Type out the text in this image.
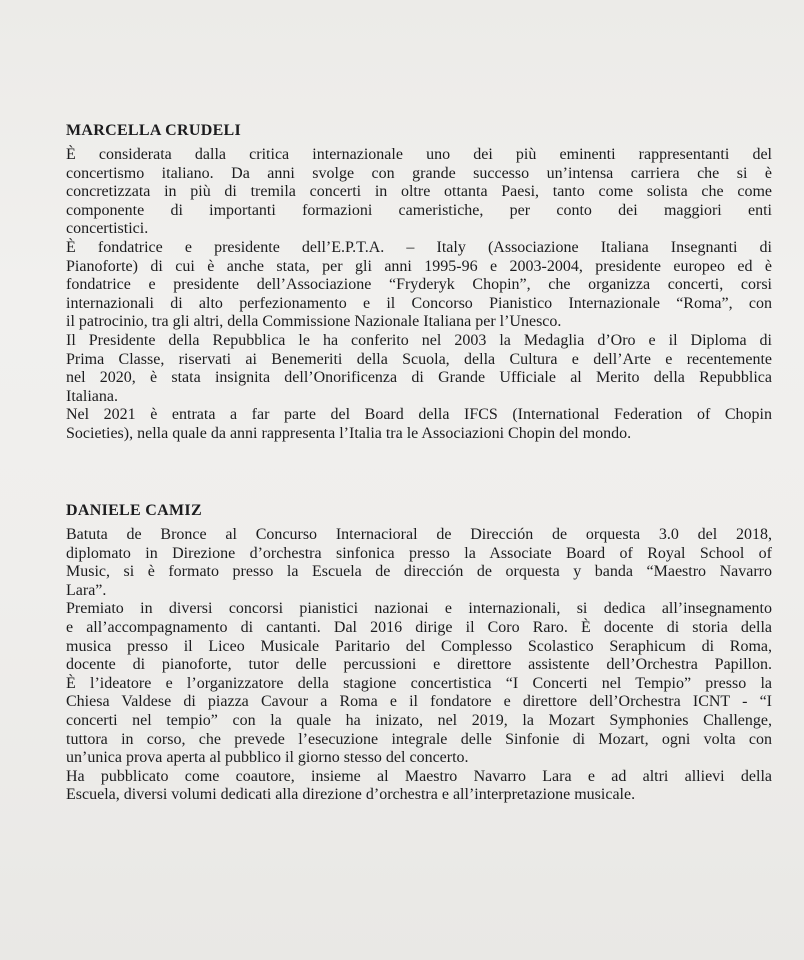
MARCELLA CRUDELI
È considerata dalla critica internazionale uno dei più eminenti rappresentanti del
concertismo italiano. Da anni svolge con grande successo un’intensa carriera che si è
concretizzata in più di tremila concerti in oltre ottanta Paesi, tanto come solista che come
componente di importanti formazioni cameristiche, per conto dei maggiori enti
concertistici.
È fondatrice e presidente dell’E.P.T.A. – Italy (Associazione Italiana Insegnanti di
Pianoforte) di cui è anche stata, per gli anni 1995-96 e 2003-2004, presidente europeo ed è
fondatrice e presidente dell’Associazione “Fryderyk Chopin”, che organizza concerti, corsi
internazionali di alto perfezionamento e il Concorso Pianistico Internazionale “Roma”, con
il patrocinio, tra gli altri, della Commissione Nazionale Italiana per l’Unesco.
Il Presidente della Repubblica le ha conferito nel 2003 la Medaglia d’Oro e il Diploma di
Prima Classe, riservati ai Benemeriti della Scuola, della Cultura e dell’Arte e recentemente
nel 2020, è stata insignita dell’Onorificenza di Grande Ufficiale al Merito della Repubblica
Italiana.
Nel 2021 è entrata a far parte del Board della IFCS (International Federation of Chopin
Societies), nella quale da anni rappresenta l’Italia tra le Associazioni Chopin del mondo.
DANIELE CAMIZ
Batuta de Bronce al Concurso Internacioral de Dirección de orquesta 3.0 del 2018,
diplomato in Direzione d’orchestra sinfonica presso la Associate Board of Royal School of
Music, si è formato presso la Escuela de dirección de orquesta y banda “Maestro Navarro
Lara”.
Premiato in diversi concorsi pianistici nazionai e internazionali, si dedica all’insegnamento
e all’accompagnamento di cantanti. Dal 2016 dirige il Coro Raro. È docente di storia della
musica presso il Liceo Musicale Paritario del Complesso Scolastico Seraphicum di Roma,
docente di pianoforte, tutor delle percussioni e direttore assistente dell’Orchestra Papillon.
È l’ideatore e l’organizzatore della stagione concertistica “I Concerti nel Tempio” presso la
Chiesa Valdese di piazza Cavour a Roma e il fondatore e direttore dell’Orchestra ICNT - “I
concerti nel tempio” con la quale ha inizato, nel 2019, la Mozart Symphonies Challenge,
tuttora in corso, che prevede l’esecuzione integrale delle Sinfonie di Mozart, ogni volta con
un’unica prova aperta al pubblico il giorno stesso del concerto.
Ha pubblicato come coautore, insieme al Maestro Navarro Lara e ad altri allievi della
Escuela, diversi volumi dedicati alla direzione d’orchestra e all’interpretazione musicale.
